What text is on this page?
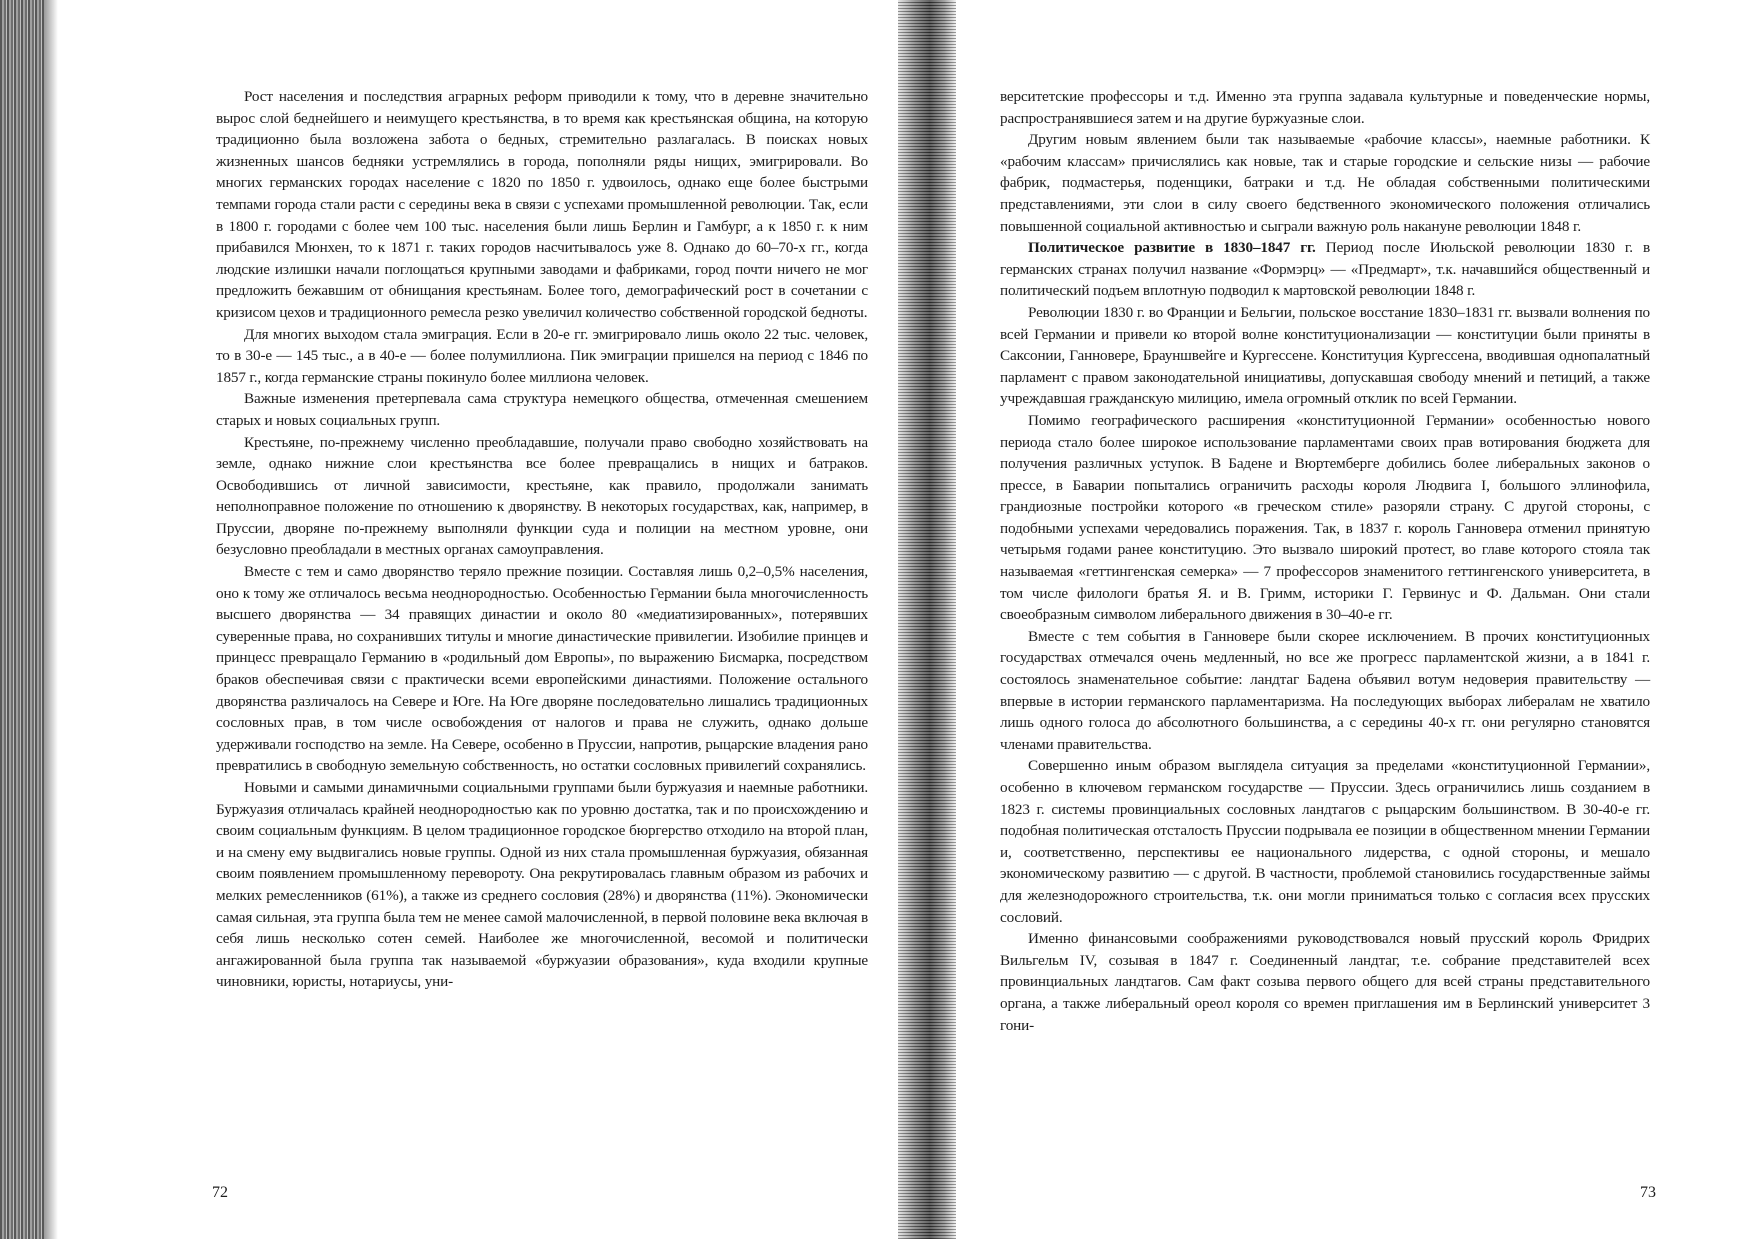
Рост населения и последствия аграрных реформ приводили к тому, что в деревне значительно вырос слой беднейшего и неимущего крестьянства, в то время как крестьянская община, на которую традиционно была возложена забота о бедных, стремительно разлагалась. В поисках новых жизненных шансов бедняки устремлялись в города, пополняли ряды нищих, эмигрировали. Во многих германских городах население с 1820 по 1850 г. удвоилось, однако еще более быстрыми темпами города стали расти с середины века в связи с успехами промышленной революции. Так, если в 1800 г. городами с более чем 100 тыс. населения были лишь Берлин и Гамбург, а к 1850 г. к ним прибавился Мюнхен, то к 1871 г. таких городов насчитывалось уже 8. Однако до 60–70-х гг., когда людские излишки начали поглощаться крупными заводами и фабриками, город почти ничего не мог предложить бежавшим от обнищания крестьянам. Более того, демографический рост в сочетании с кризисом цехов и традиционного ремесла резко увеличил количество собственной городской бедноты.

Для многих выходом стала эмиграция. Если в 20-е гг. эмигрировало лишь около 22 тыс. человек, то в 30-е — 145 тыс., а в 40-е — более полумиллиона. Пик эмиграции пришелся на период с 1846 по 1857 г., когда германские страны покинуло более миллиона человек.

Важные изменения претерпевала сама структура немецкого общества, отмеченная смешением старых и новых социальных групп.

Крестьяне, по-прежнему численно преобладавшие, получали право свободно хозяйствовать на земле, однако нижние слои крестьянства все более превращались в нищих и батраков. Освободившись от личной зависимости, крестьяне, как правило, продолжали занимать неполноправное положение по отношению к дворянству. В некоторых государствах, как, например, в Пруссии, дворяне по-прежнему выполняли функции суда и полиции на местном уровне, они безусловно преобладали в местных органах самоуправления.

Вместе с тем и само дворянство теряло прежние позиции. Составляя лишь 0,2–0,5% населения, оно к тому же отличалось весьма неоднородностью. Особенностью Германии была многочисленность высшего дворянства — 34 правящих династии и около 80 «медиатизированных», потерявших суверенные права, но сохранивших титулы и многие династические привилегии. Изобилие принцев и принцесс превращало Германию в «родильный дом Европы», по выражению Бисмарка, посредством браков обеспечивая связи с практически всеми европейскими династиями. Положение остального дворянства различалось на Севере и Юге. На Юге дворяне последовательно лишались традиционных сословных прав, в том числе освобождения от налогов и права не служить, однако дольше удерживали господство на земле. На Севере, особенно в Пруссии, напротив, рыцарские владения рано превратились в свободную земельную собственность, но остатки сословных привилегий сохранялись.

Новыми и самыми динамичными социальными группами были буржуазия и наемные работники. Буржуазия отличалась крайней неоднородностью как по уровню достатка, так и по происхождению и своим социальным функциям. В целом традиционное городское бюргерство отходило на второй план, и на смену ему выдвигались новые группы. Одной из них стала промышленная буржуазия, обязанная своим появлением промышленному перевороту. Она рекрутировалась главным образом из рабочих и мелких ремесленников (61%), а также из среднего сословия (28%) и дворянства (11%). Экономически самая сильная, эта группа была тем не менее самой малочисленной, в первой половине века включая в себя лишь несколько сотен семей. Наиболее же многочисленной, весомой и политически ангажированной была группа так называемой «буржуазии образования», куда входили крупные чиновники, юристы, нотариусы, уни-

72

верситетские профессоры и т.д. Именно эта группа задавала культурные и поведенческие нормы, распространявшиеся затем и на другие буржуазные слои.

Другим новым явлением были так называемые «рабочие классы», наемные работники. К «рабочим классам» причислялись как новые, так и старые городские и сельские низы — рабочие фабрик, подмастерья, поденщики, батраки и т.д. Не обладая собственными политическими представлениями, эти слои в силу своего бедственного экономического положения отличались повышенной социальной активностью и сыграли важную роль накануне революции 1848 г.

Политическое развитие в 1830–1847 гг. Период после Июльской революции 1830 г. в германских странах получил название «Формэрц» — «Предмарт», т.к. начавшийся общественный и политический подъем вплотную подводил к мартовской революции 1848 г.

Революции 1830 г. во Франции и Бельгии, польское восстание 1830–1831 гг. вызвали волнения по всей Германии и привели ко второй волне конституционализации — конституции были приняты в Саксонии, Ганновере, Брауншвейге и Кургессене. Конституция Кургессена, вводившая однопалатный парламент с правом законодательной инициативы, допускавшая свободу мнений и петиций, а также учреждавшая гражданскую милицию, имела огромный отклик по всей Германии.

Помимо географического расширения «конституционной Германии» особенностью нового периода стало более широкое использование парламентами своих прав вотирования бюджета для получения различных уступок. В Бадене и Вюртемберге добились более либеральных законов о прессе, в Баварии попытались ограничить расходы короля Людвига I, большого эллинофила, грандиозные постройки которого «в греческом стиле» разоряли страну. С другой стороны, с подобными успехами чередовались поражения. Так, в 1837 г. король Ганновера отменил принятую четырьмя годами ранее конституцию. Это вызвало широкий протест, во главе которого стояла так называемая «геттингенская семерка» — 7 профессоров знаменитого геттингенского университета, в том числе филологи братья Я. и В. Гримм, историки Г. Гервинус и Ф. Дальман. Они стали своеобразным символом либерального движения в 30–40-е гг.

Вместе с тем события в Ганновере были скорее исключением. В прочих конституционных государствах отмечался очень медленный, но все же прогресс парламентской жизни, а в 1841 г. состоялось знаменательное событие: ландтаг Бадена объявил вотум недоверия правительству — впервые в истории германского парламентаризма. На последующих выборах либералам не хватило лишь одного голоса до абсолютного большинства, а с середины 40-х гг. они регулярно становятся членами правительства.

Совершенно иным образом выглядела ситуация за пределами «конституционной Германии», особенно в ключевом германском государстве — Пруссии. Здесь ограничились лишь созданием в 1823 г. системы провинциальных сословных ландтагов с рыцарским большинством. В 30-40-е гг. подобная политическая отсталость Пруссии подрывала ее позиции в общественном мнении Германии и, соответственно, перспективы ее национального лидерства, с одной стороны, и мешало экономическому развитию — с другой. В частности, проблемой становились государственные займы для железнодорожного строительства, т.к. они могли приниматься только с согласия всех прусских сословий.

Именно финансовыми соображениями руководствовался новый прусский король Фридрих Вильгельм IV, созывая в 1847 г. Соединенный ландтаг, т.е. собрание представителей всех провинциальных ландтагов. Сам факт созыва первого общего для всей страны представительного органа, а также либеральный ореол короля со времен приглашения им в Берлинский университет 3 гони-

73
